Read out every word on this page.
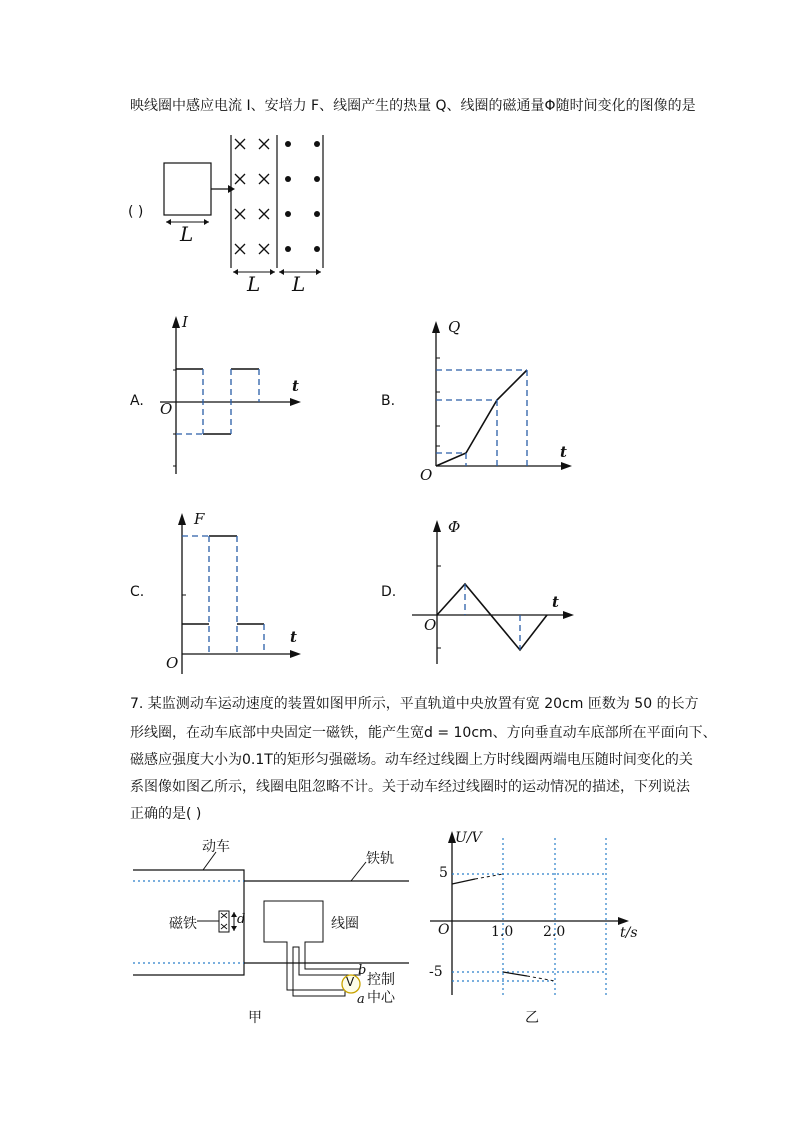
映线圈中感应电流 I、安培力 F、线圈产生的热量 Q、线圈的磁通量Φ随时间变化的图像的是
( )
L
L L
A.
I
t
O	B.
Q
t
O
C.
F
t
O
D.
Φ
t
O
7. 某监测动车运动速度的装置如图甲所示，平直轨道中央放置有宽 20cm 匝数为 50 的长方
形线圈，在动车底部中央固定一磁铁，能产生宽d = 10cm、方向垂直动车底部所在平面向下、
磁感应强度大小为0.1T的矩形匀强磁场。动车经过线圈上方时线圈两端电压随时间变化的关
系图像如图乙所示，线圈电阻忽略不计。关于动车经过线圈时的运动情况的描述，下列说法
正确的是( )
动车
铁轨
磁铁	d	线圈
b
a
V 控制
中心
甲
U/V
t/s
O
5
-5
1.0 2.0
乙
